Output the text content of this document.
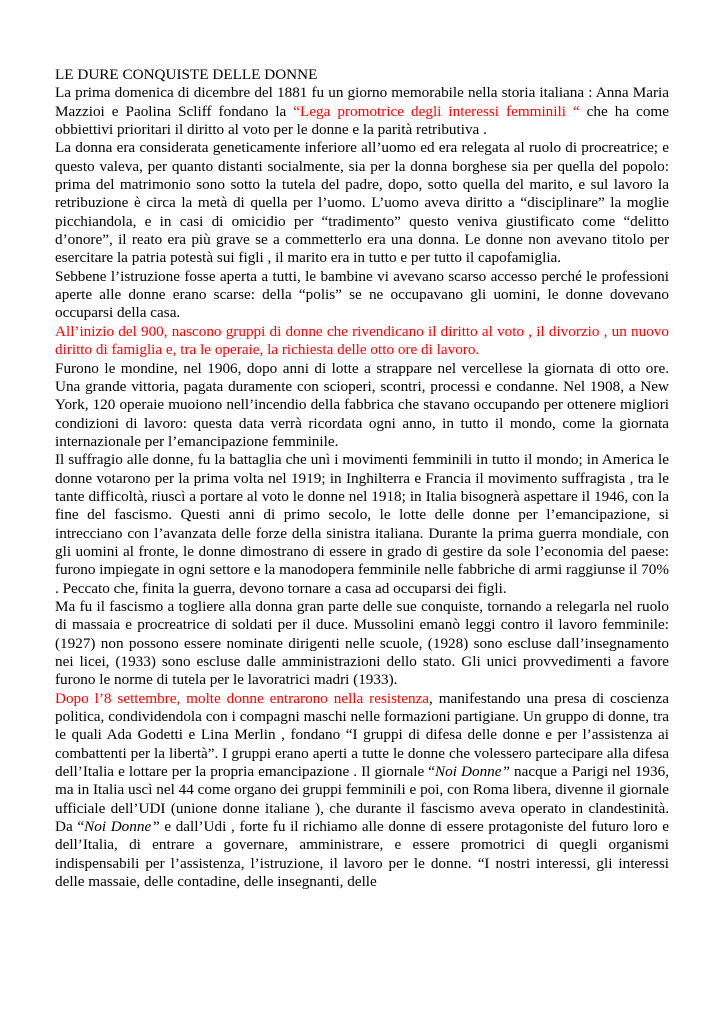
LE DURE CONQUISTE DELLE DONNE

La prima domenica di dicembre del 1881 fu un giorno memorabile nella storia italiana : Anna Maria Mazzioi e Paolina Scliff fondano la “Lega promotrice degli interessi femminili “ che ha come obbiettivi prioritari il diritto al voto per le donne e la parità retributiva .

La donna era considerata geneticamente inferiore all’uomo ed era relegata al ruolo di procreatrice; e questo valeva, per quanto distanti socialmente, sia per la donna borghese sia per quella del popolo: prima del matrimonio sono sotto la tutela del padre, dopo, sotto quella del marito, e sul lavoro la retribuzione è circa la metà di quella per l’uomo. L’uomo aveva diritto a “disciplinare” la moglie picchiandola, e in casi di omicidio per “tradimento” questo veniva giustificato come “delitto d’onore”, il reato era più grave se a commetterlo era una donna. Le donne non avevano titolo per esercitare la patria potestà sui figli , il marito era in tutto e per tutto il capofamiglia.

Sebbene l’istruzione fosse aperta a tutti, le bambine vi avevano scarso accesso perché le professioni aperte alle donne erano scarse: della “polis” se ne occupavano gli uomini, le donne dovevano occuparsi della casa.

All’inizio del 900, nascono gruppi di donne che rivendicano il diritto al voto , il divorzio , un nuovo diritto di famiglia e, tra le operaie, la richiesta delle otto ore di lavoro.

Furono le mondine, nel 1906, dopo anni di lotte a strappare nel vercellese la giornata di otto ore. Una grande vittoria, pagata duramente con scioperi, scontri, processi e condanne. Nel 1908, a New York, 120 operaie muoiono nell’incendio della fabbrica che stavano occupando per ottenere migliori condizioni di lavoro: questa data verrà ricordata ogni anno, in tutto il mondo, come la giornata internazionale per l’emancipazione femminile.

Il suffragio alle donne, fu la battaglia che unì i movimenti femminili in tutto il mondo; in America le donne votarono per la prima volta nel 1919; in Inghilterra e Francia il movimento suffragista , tra le tante difficoltà, riuscì a portare al voto le donne nel 1918; in Italia bisognerà aspettare il 1946, con la fine del fascismo. Questi anni di primo secolo, le lotte delle donne per l’emancipazione, si intrecciano con l’avanzata delle forze della sinistra italiana. Durante la prima guerra mondiale, con gli uomini al fronte, le donne dimostrano di essere in grado di gestire da sole l’economia del paese: furono impiegate in ogni settore e la manodopera femminile nelle fabbriche di armi raggiunse il 70% . Peccato che, finita la guerra, devono tornare a casa ad occuparsi dei figli.

Ma fu il fascismo a togliere alla donna gran parte delle sue conquiste, tornando a relegarla nel ruolo di massaia e procreatrice di soldati per il duce. Mussolini emanò leggi contro il lavoro femminile: (1927) non possono essere nominate dirigenti nelle scuole, (1928) sono escluse dall’insegnamento nei licei, (1933) sono escluse dalle amministrazioni dello stato. Gli unici provvedimenti a favore furono le norme di tutela per le lavoratrici madri (1933).

Dopo l’8 settembre, molte donne entrarono nella resistenza, manifestando una presa di coscienza politica, condividendola con i compagni maschi nelle formazioni partigiane. Un gruppo di donne, tra le quali Ada Godetti e Lina Merlin , fondano “I gruppi di difesa delle donne e per l’assistenza ai combattenti per la libertà”. I gruppi erano aperti a tutte le donne che volessero partecipare alla difesa dell’Italia e lottare per la propria emancipazione . Il giornale “Noi Donne” nacque a Parigi nel 1936, ma in Italia uscì nel 44 come organo dei gruppi femminili e poi, con Roma libera, divenne il giornale ufficiale dell’UDI (unione donne italiane ), che durante il fascismo aveva operato in clandestinità. Da “Noi Donne” e dall’Udi , forte fu il richiamo alle donne di essere protagoniste del futuro loro e dell’Italia, di entrare a governare, amministrare, e essere promotrici di quegli organismi indispensabili per l’assistenza, l’istruzione, il lavoro per le donne. “I nostri interessi, gli interessi delle massaie, delle contadine, delle insegnanti, delle
